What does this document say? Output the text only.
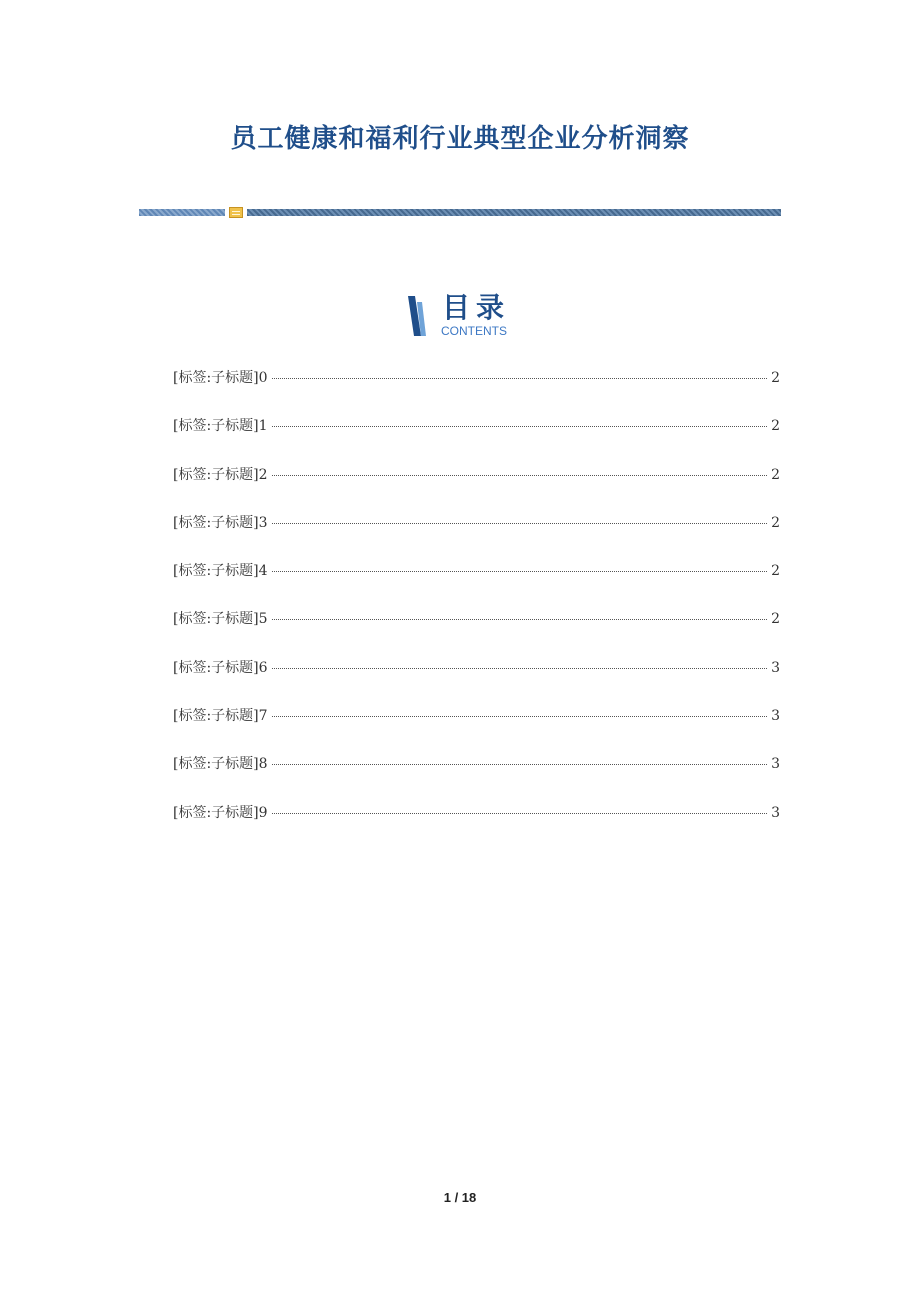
员工健康和福利行业典型企业分析洞察
目录
CONTENTS
[标签:子标题]0	2
[标签:子标题]1	2
[标签:子标题]2	2
[标签:子标题]3	2
[标签:子标题]4	2
[标签:子标题]5	2
[标签:子标题]6	3
[标签:子标题]7	3
[标签:子标题]8	3
[标签:子标题]9	3
1 / 18
